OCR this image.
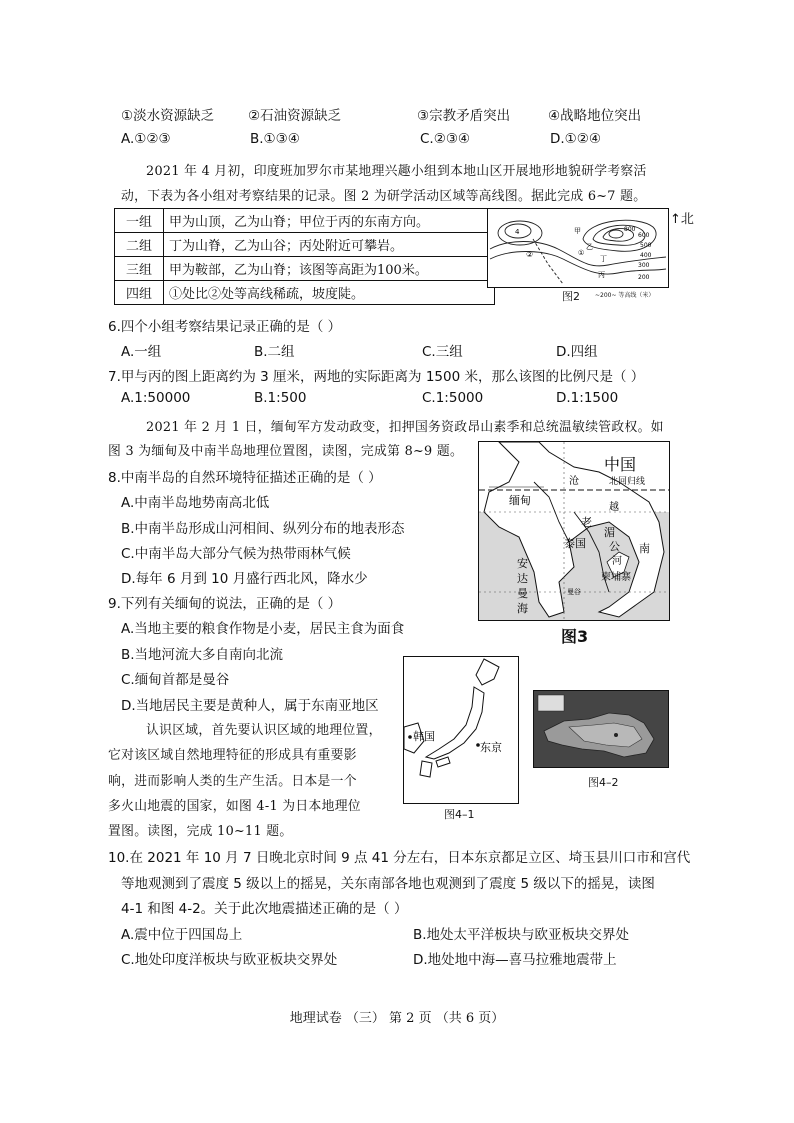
①淡水资源缺乏	②石油资源缺乏	③宗教矛盾突出	④战略地位突出
A.①②③	B.①③④	C.②③④	D.①②④
2021 年 4 月初，印度班加罗尔市某地理兴趣小组到本地山区开展地形地貌研学考察活
动，下表为各小组对考察结果的记录。图 2 为研学活动区域等高线图。据此完成 6~7 题。
一组	甲为山顶，乙为山脊；甲位于丙的东南方向。
二组	丁为山脊，乙为山谷；丙处附近可攀岩。
三组	甲为鞍部，乙为山脊；该图等高距为100米。
四组	①处比②处等高线稀疏，坡度陡。
4
②
甲
①
丁
丙
乙
600
500
400
300
200
800
↑北
图2	~200~ 等高线（米）
6.四个小组考察结果记录正确的是（ ）
A.一组	B.二组	C.三组	D.四组
7.甲与丙的图上距离约为 3 厘米，两地的实际距离为 1500 米，那么该图的比例尺是（ ）
A.1:50000	B.1:500	C.1:5000	D.1:1500
2021 年 2 月 1 日，缅甸军方发动政变，扣押国务资政昂山素季和总统温敏续管政权。如
图 3 为缅甸及中南半岛地理位置图，读图，完成第 8~9 题。
8.中南半岛的自然环境特征描述正确的是（ ）
A.中南半岛地势南高北低
B.中南半岛形成山河相间、纵列分布的地表形态
C.中南半岛大部分气候为热带雨林气候
D.每年 6 月到 10 月盛行西北风，降水少
中国
沧	北回归线
缅甸
越
老
泰国
湄
公
河
柬埔寨
南
安
达
曼
海
曼谷
图3
9.下列有关缅甸的说法，正确的是（ ）
A.当地主要的粮食作物是小麦，居民主食为面食
B.当地河流大多自南向北流
C.缅甸首都是曼谷
D.当地居民主要是黄种人，属于东南亚地区
认识区域，首先要认识区域的地理位置，
它对该区域自然地理特征的形成具有重要影
响，进而影响人类的生产生活。日本是一个
多火山地震的国家，如图 4-1 为日本地理位
置图。读图，完成 10~11 题。
韩国
东京
图4–1
图4–2
10.在 2021 年 10 月 7 日晚北京时间 9 点 41 分左右，日本东京都足立区、埼玉县川口市和宫代
等地观测到了震度 5 级以上的摇晃，关东南部各地也观测到了震度 5 级以下的摇晃，读图
4-1 和图 4-2。关于此次地震描述正确的是（ ）
A.震中位于四国岛上	B.地处太平洋板块与欧亚板块交界处
C.地处印度洋板块与欧亚板块交界处	D.地处地中海—喜马拉雅地震带上
地理试卷 （三） 第 2 页 （共 6 页）
